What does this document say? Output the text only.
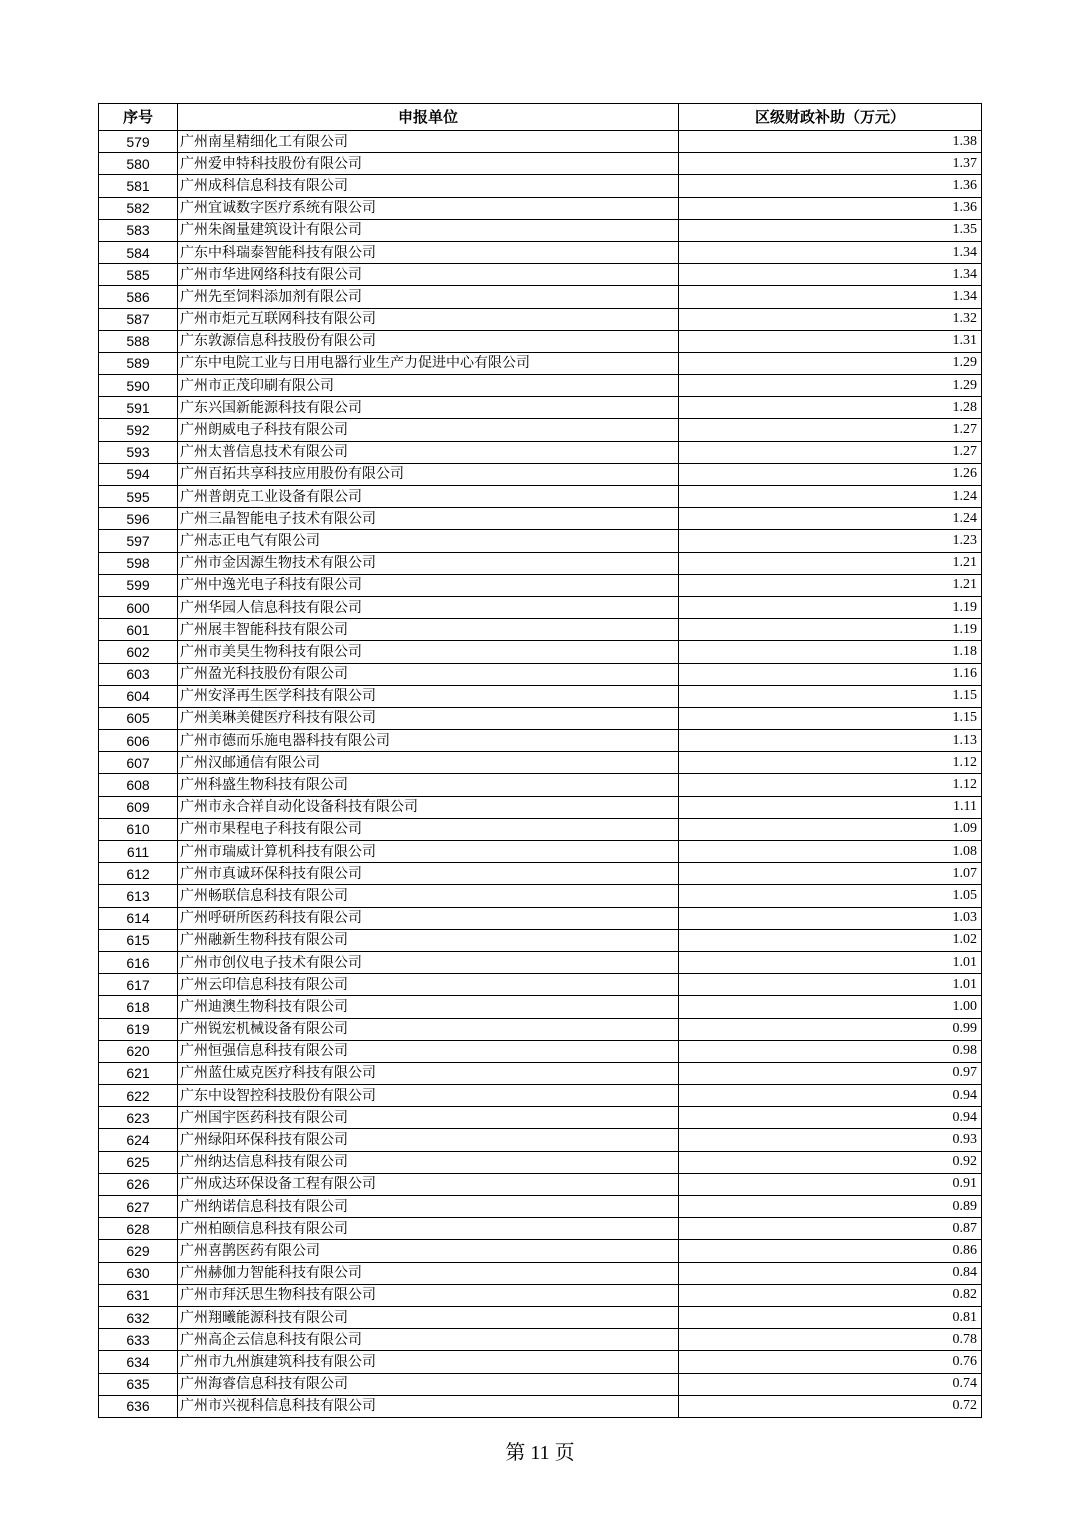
序号	申报单位	区级财政补助（万元）
579	广州南星精细化工有限公司	1.38
580	广州爱申特科技股份有限公司	1.37
581	广州成科信息科技有限公司	1.36
582	广州宜诚数字医疗系统有限公司	1.36
583	广州朱阁量建筑设计有限公司	1.35
584	广东中科瑞泰智能科技有限公司	1.34
585	广州市华进网络科技有限公司	1.34
586	广州先至饲料添加剂有限公司	1.34
587	广州市炬元互联网科技有限公司	1.32
588	广东敦源信息科技股份有限公司	1.31
589	广东中电院工业与日用电器行业生产力促进中心有限公司	1.29
590	广州市正茂印刷有限公司	1.29
591	广东兴国新能源科技有限公司	1.28
592	广州朗威电子科技有限公司	1.27
593	广州太普信息技术有限公司	1.27
594	广州百拓共享科技应用股份有限公司	1.26
595	广州普朗克工业设备有限公司	1.24
596	广州三晶智能电子技术有限公司	1.24
597	广州志正电气有限公司	1.23
598	广州市金因源生物技术有限公司	1.21
599	广州中逸光电子科技有限公司	1.21
600	广州华园人信息科技有限公司	1.19
601	广州展丰智能科技有限公司	1.19
602	广州市美昊生物科技有限公司	1.18
603	广州盈光科技股份有限公司	1.16
604	广州安泽再生医学科技有限公司	1.15
605	广州美琳美健医疗科技有限公司	1.15
606	广州市德而乐施电器科技有限公司	1.13
607	广州汉邮通信有限公司	1.12
608	广州科盛生物科技有限公司	1.12
609	广州市永合祥自动化设备科技有限公司	1.11
610	广州市果程电子科技有限公司	1.09
611	广州市瑞威计算机科技有限公司	1.08
612	广州市真诚环保科技有限公司	1.07
613	广州畅联信息科技有限公司	1.05
614	广州呼研所医药科技有限公司	1.03
615	广州融新生物科技有限公司	1.02
616	广州市创仪电子技术有限公司	1.01
617	广州云印信息科技有限公司	1.01
618	广州迪澳生物科技有限公司	1.00
619	广州锐宏机械设备有限公司	0.99
620	广州恒强信息科技有限公司	0.98
621	广州蓝仕威克医疗科技有限公司	0.97
622	广东中设智控科技股份有限公司	0.94
623	广州国宇医药科技有限公司	0.94
624	广州绿阳环保科技有限公司	0.93
625	广州纳达信息科技有限公司	0.92
626	广州成达环保设备工程有限公司	0.91
627	广州纳诺信息科技有限公司	0.89
628	广州柏颐信息科技有限公司	0.87
629	广州喜鹊医药有限公司	0.86
630	广州赫伽力智能科技有限公司	0.84
631	广州市拜沃思生物科技有限公司	0.82
632	广州翔曦能源科技有限公司	0.81
633	广州高企云信息科技有限公司	0.78
634	广州市九州旗建筑科技有限公司	0.76
635	广州海睿信息科技有限公司	0.74
636	广州市兴视科信息科技有限公司	0.72
第 11 页
